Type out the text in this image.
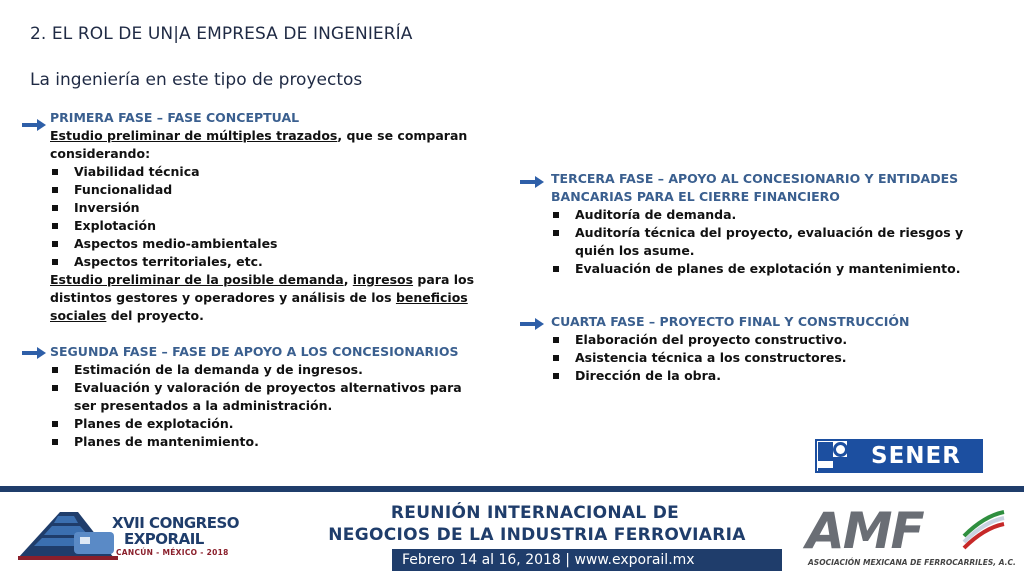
2. EL ROL DE UN|A EMPRESA DE INGENIERÍA
La ingeniería en este tipo de proyectos
PRIMERA FASE – FASE CONCEPTUAL
Estudio preliminar de múltiples trazados, que se comparan considerando:
Viabilidad técnica
Funcionalidad
Inversión
Explotación
Aspectos medio-ambientales
Aspectos territoriales, etc.
Estudio preliminar de la posible demanda, ingresos para los distintos gestores y operadores y análisis de los beneficios sociales del proyecto.
SEGUNDA FASE – FASE DE APOYO A LOS CONCESIONARIOS
Estimación de la demanda y de ingresos.
Evaluación y valoración de proyectos alternativos para ser presentados a la administración.
Planes de explotación.
Planes de mantenimiento.
TERCERA FASE – APOYO AL CONCESIONARIO Y ENTIDADES BANCARIAS PARA EL CIERRE FINANCIERO
Auditoría de demanda.
Auditoría técnica del proyecto, evaluación de riesgos y quién los asume.
Evaluación de planes de explotación y mantenimiento.
CUARTA FASE – PROYECTO FINAL Y CONSTRUCCIÓN
Elaboración del proyecto constructivo.
Asistencia técnica a los constructores.
Dirección de la obra.
SENER
XVII CONGRESO
EXPORAIL
CANCÚN - MÉXICO - 2018
REUNIÓN INTERNACIONAL DE
NEGOCIOS DE LA INDUSTRIA FERROVIARIA
Febrero 14 al 16, 2018 | www.exporail.mx	AMF
ASOCIACIÓN MEXICANA DE FERROCARRILES, A.C.
